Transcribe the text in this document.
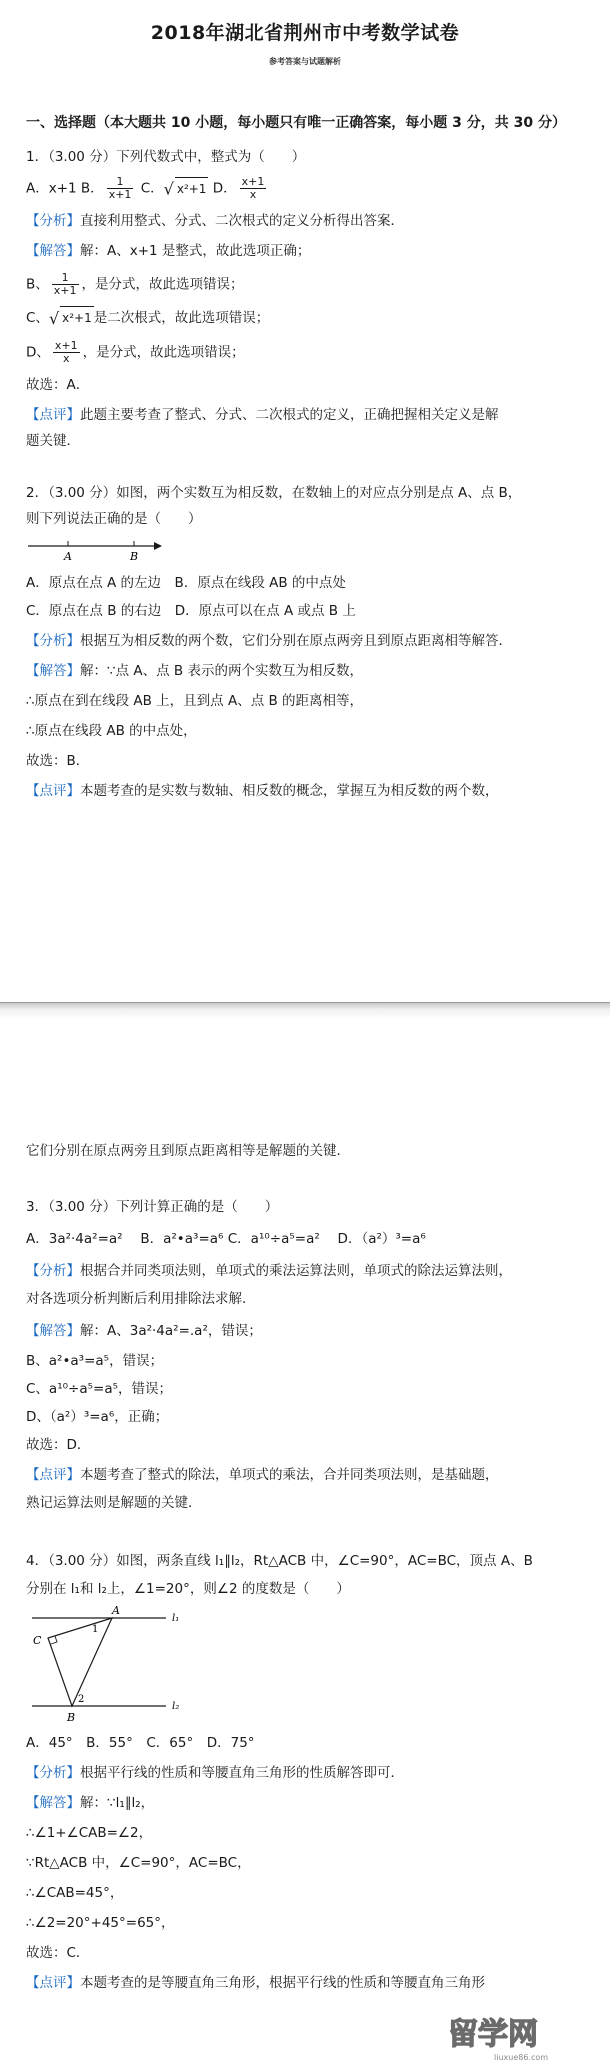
2018年湖北省荆州市中考数学试卷
参考答案与试题解析
一、选择题（本大题共 10 小题，每小题只有唯一正确答案，每小题 3 分，共 30 分）
1．（3.00 分）下列代数式中，整式为（　　）
A．x+1 B． $\frac{1}{x+1}$ C．√ x²+1 D． $\frac{x+1}{x}$
【分析】直接利用整式、分式、二次根式的定义分析得出答案．
【解答】解：A、x+1 是整式，故此选项正确；
B、 $\frac{1}{x+1}$ ，是分式，故此选项错误；
C、√ x²+1 是二次根式，故此选项错误；
D、 $\frac{x+1}{x}$ ，是分式，故此选项错误；
故选：A．
【点评】此题主要考查了整式、分式、二次根式的定义，正确把握相关定义是解
题关键．
2．（3.00 分）如图，两个实数互为相反数，在数轴上的对应点分别是点 A、点 B，
则下列说法正确的是（　　）
A	B
A．原点在点 A 的左边　B．原点在线段 AB 的中点处
C．原点在点 B 的右边　D．原点可以在点 A 或点 B 上
【分析】根据互为相反数的两个数，它们分别在原点两旁且到原点距离相等解答．
【解答】解：∵点 A、点 B 表示的两个实数互为相反数，
∴原点在到在线段 AB 上，且到点 A、点 B 的距离相等，
∴原点在线段 AB 的中点处，
故选：B．
【点评】本题考查的是实数与数轴、相反数的概念，掌握互为相反数的两个数，
它们分别在原点两旁且到原点距离相等是解题的关键．
3．（3.00 分）下列计算正确的是（　　）
A．3a²·4a²=a²　 B．a²•a³=a⁶ C．a¹⁰÷a⁵=a²　 D．（a²）³=a⁶
【分析】根据合并同类项法则，单项式的乘法运算法则，单项式的除法运算法则，
对各选项分析判断后利用排除法求解．
【解答】解：A、3a²·4a²=.a²，错误；
B、a²•a³=a⁵，错误；
C、a¹⁰÷a⁵=a⁵，错误；
D、（a²）³=a⁶，正确；
故选：D．
【点评】本题考查了整式的除法，单项式的乘法，合并同类项法则，是基础题，
熟记运算法则是解题的关键．
4．（3.00 分）如图，两条直线 l₁∥l₂，Rt△ACB 中，∠C=90°，AC=BC，顶点 A、B
分别在 l₁和 l₂上，∠1=20°，则∠2 的度数是（　　）
l₁
l₂
A
B
C
1
2
A．45°　B．55°　C．65°　D．75°
【分析】根据平行线的性质和等腰直角三角形的性质解答即可．
【解答】解：∵l₁∥l₂，
∴∠1+∠CAB=∠2，
∵Rt△ACB 中，∠C=90°，AC=BC，
∴∠CAB=45°，
∴∠2=20°+45°=65°，
故选：C．
【点评】本题考查的是等腰直角三角形，根据平行线的性质和等腰直角三角形
留学网
liuxue86.com
